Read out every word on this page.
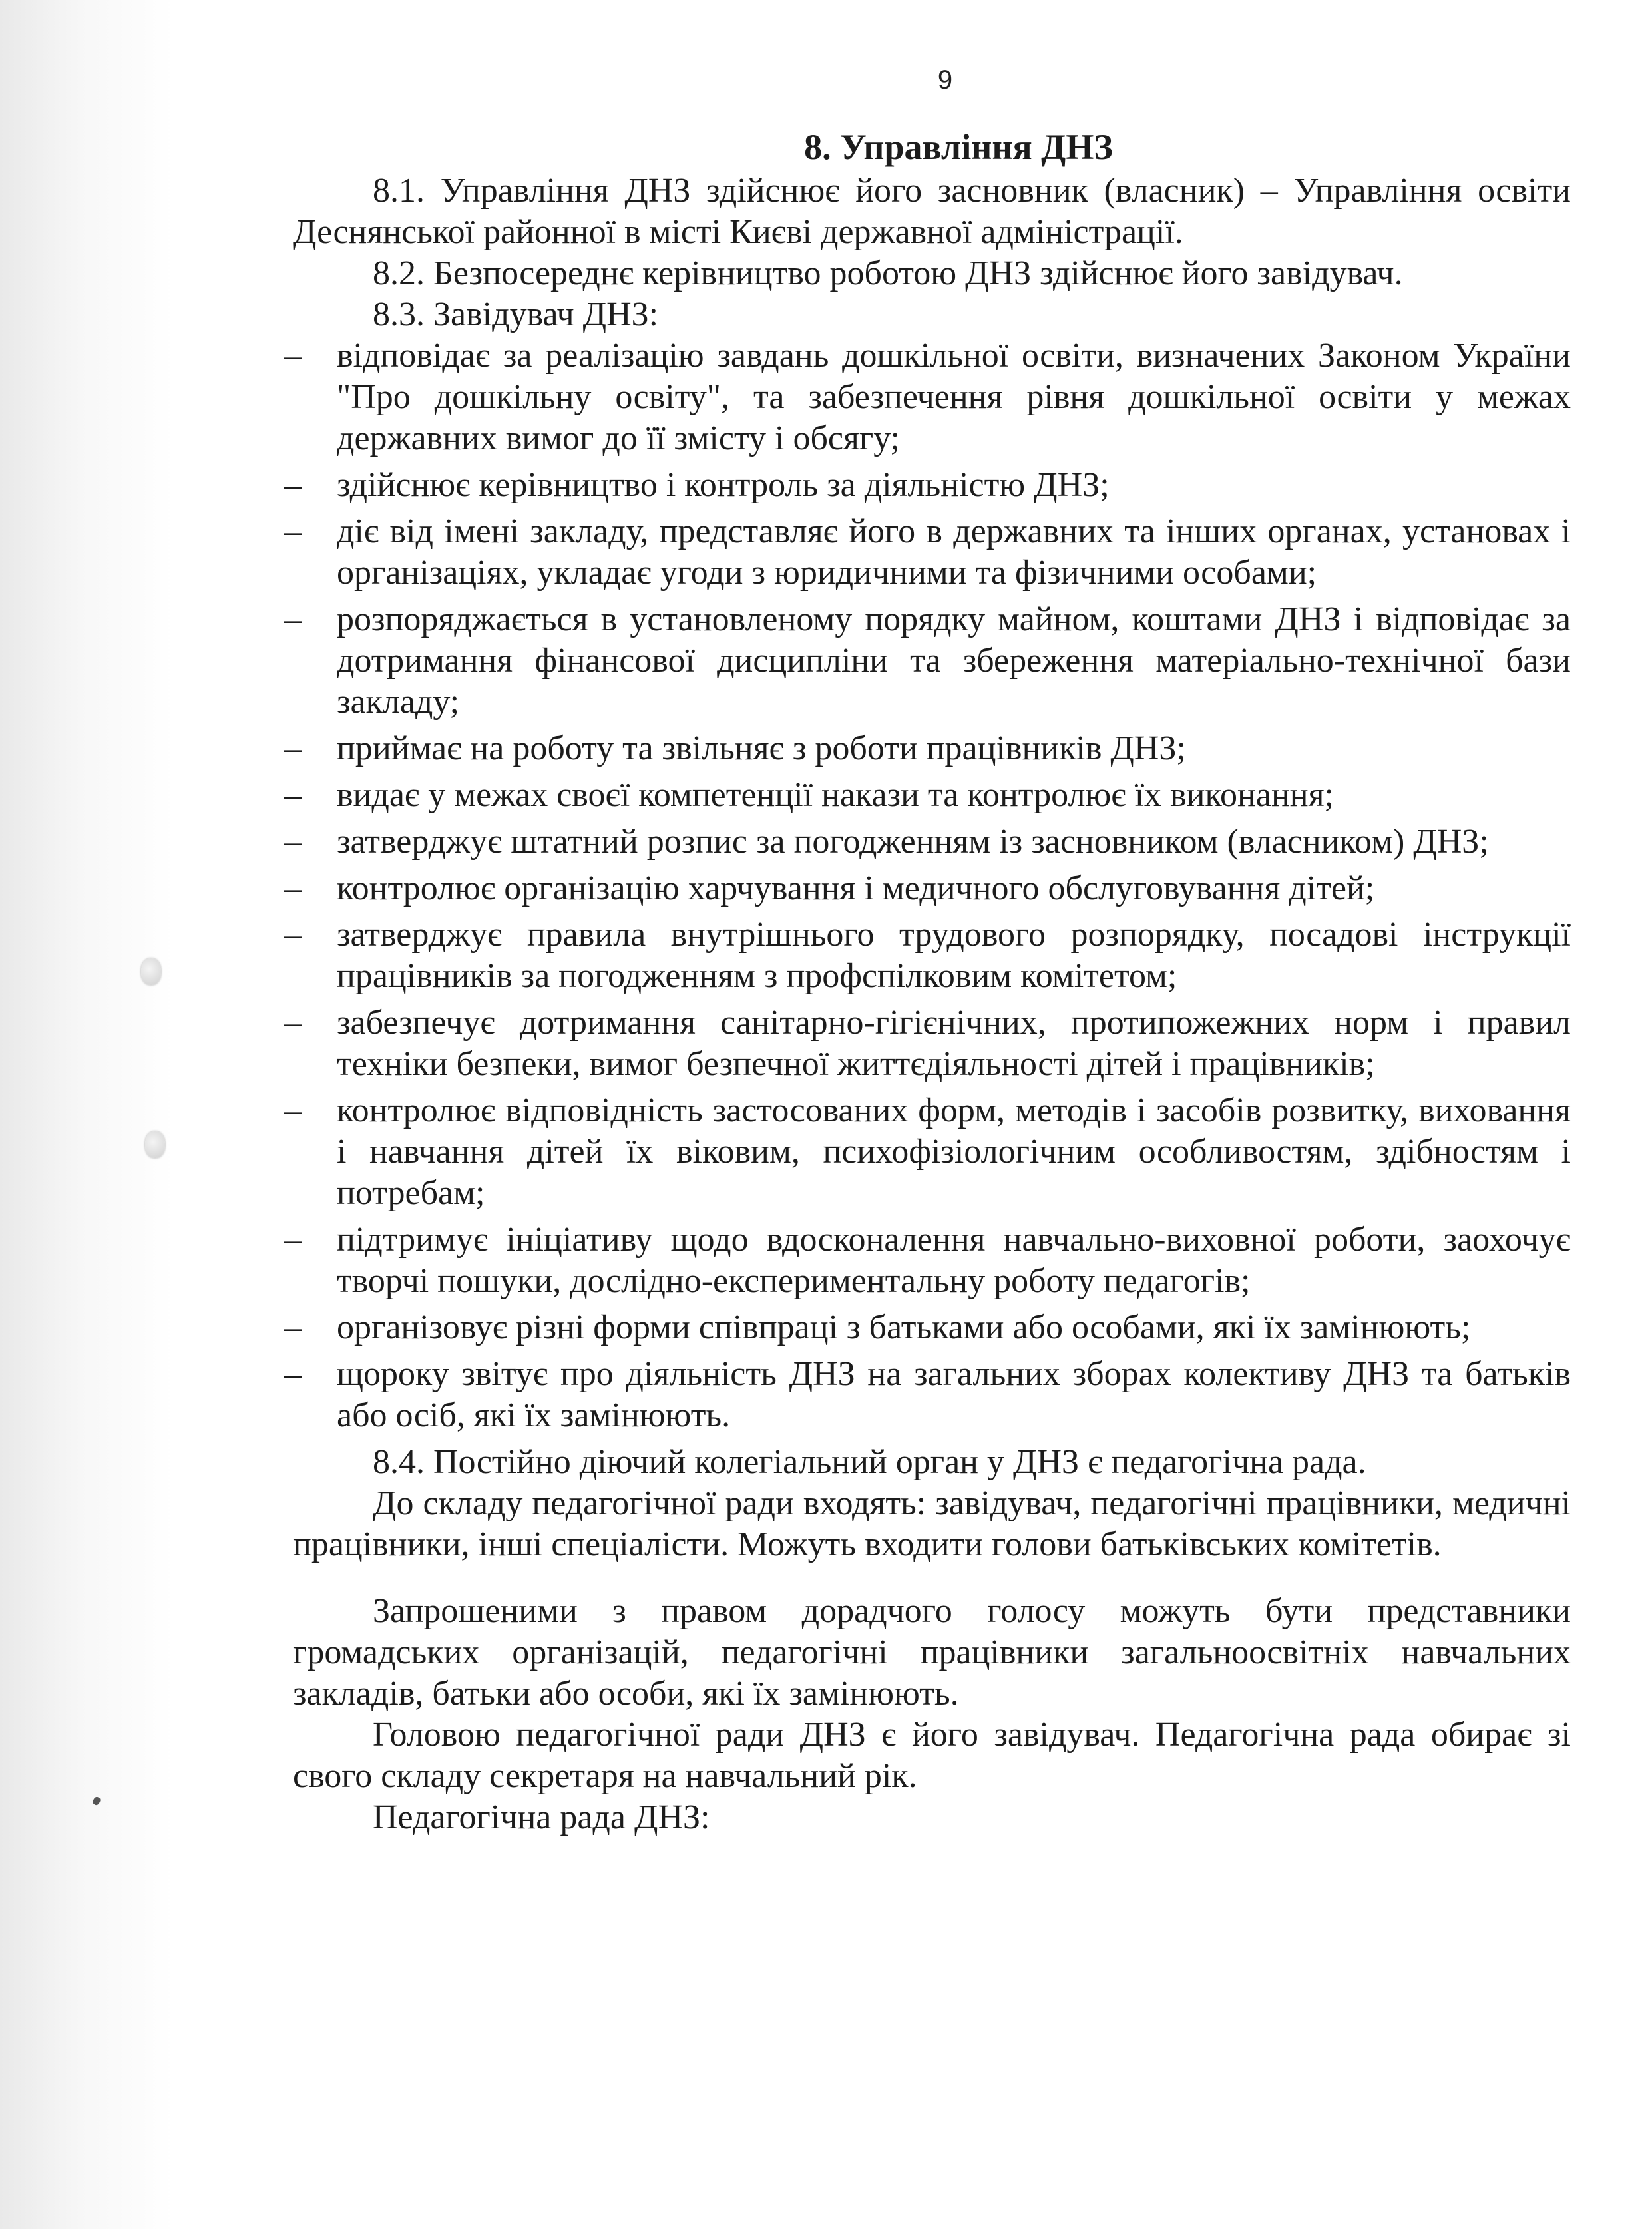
9
8. Управління ДНЗ

8.1. Управління ДНЗ здійснює його засновник (власник) – Управління освіти Деснянської районної в місті Києві державної адміністрації.

8.2. Безпосереднє керівництво роботою ДНЗ здійснює його завідувач.

8.3. Завідувач ДНЗ:

– відповідає за реалізацію завдань дошкільної освіти, визначених Законом України "Про дошкільну освіту", та забезпечення рівня дошкільної освіти у межах державних вимог до її змісту і обсягу;
– здійснює керівництво і контроль за діяльністю ДНЗ;
– діє від імені закладу, представляє його в державних та інших органах, установах і організаціях, укладає угоди з юридичними та фізичними особами;
– розпоряджається в установленому порядку майном, коштами ДНЗ і відповідає за дотримання фінансової дисципліни та збереження матеріально-технічної бази закладу;
– приймає на роботу та звільняє з роботи працівників ДНЗ;
– видає у межах своєї компетенції накази та контролює їх виконання;
– затверджує штатний розпис за погодженням із засновником (власником) ДНЗ;
– контролює організацію харчування і медичного обслуговування дітей;
– затверджує правила внутрішнього трудового розпорядку, посадові інструкції працівників за погодженням з профспілковим комітетом;
– забезпечує дотримання санітарно-гігієнічних, протипожежних норм і правил техніки безпеки, вимог безпечної життєдіяльності дітей і працівників;
– контролює відповідність застосованих форм, методів і засобів розвитку, виховання і навчання дітей їх віковим, психофізіологічним особливостям, здібностям і потребам;
– підтримує ініціативу щодо вдосконалення навчально-виховної роботи, заохочує творчі пошуки, дослідно-експериментальну роботу педагогів;
– організовує різні форми співпраці з батьками або особами, які їх замінюють;
– щороку звітує про діяльність ДНЗ на загальних зборах колективу ДНЗ та батьків або осіб, які їх замінюють.

8.4. Постійно діючий колегіальний орган у ДНЗ є педагогічна рада.

До складу педагогічної ради входять: завідувач, педагогічні працівники, медичні працівники, інші спеціалісти. Можуть входити голови батьківських комітетів.

Запрошеними з правом дорадчого голосу можуть бути представники громадських організацій, педагогічні працівники загальноосвітніх навчальних закладів, батьки або особи, які їх замінюють.

Головою педагогічної ради ДНЗ є його завідувач. Педагогічна рада обирає зі свого складу секретаря на навчальний рік.

Педагогічна рада ДНЗ:
